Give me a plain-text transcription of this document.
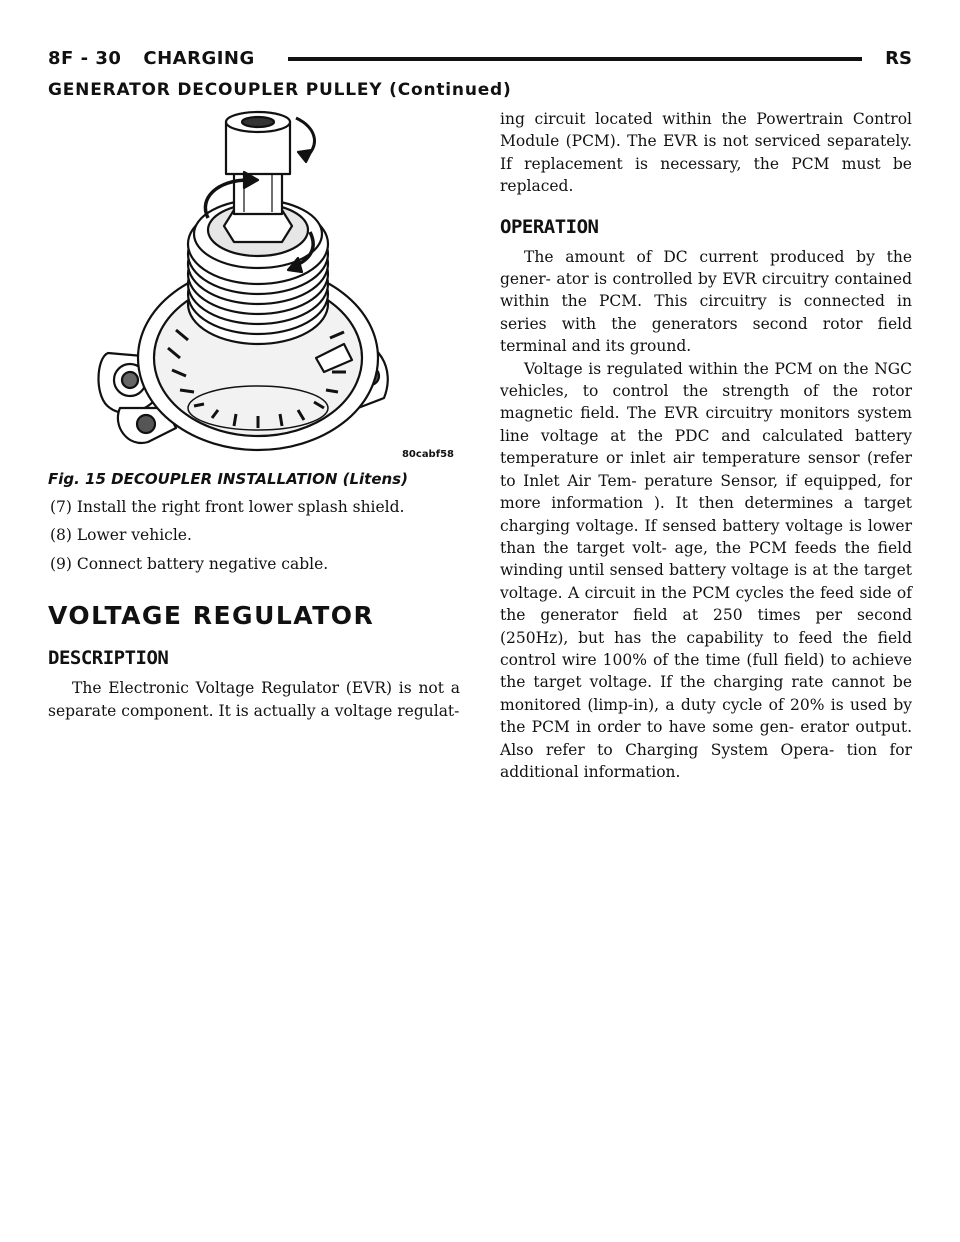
8F - 30 CHARGING	RS
GENERATOR DECOUPLER PULLEY (Continued)
80cabf58

Fig. 15 DECOUPLER INSTALLATION (Litens)

(7) Install the right front lower splash shield.

(8) Lower vehicle.

(9) Connect battery negative cable.

VOLTAGE REGULATOR
DESCRIPTION

The Electronic Voltage Regulator (EVR) is not a separate component. It is actually a voltage regulat-

ing circuit located within the Powertrain Control Module (PCM). The EVR is not serviced separately. If replacement is necessary, the PCM must be replaced.

OPERATION

The amount of DC current produced by the gener- ator is controlled by EVR circuitry contained within the PCM. This circuitry is connected in series with the generators second rotor field terminal and its ground.

Voltage is regulated within the PCM on the NGC vehicles, to control the strength of the rotor magnetic field. The EVR circuitry monitors system line voltage at the PDC and calculated battery temperature or inlet air temperature sensor (refer to Inlet Air Tem- perature Sensor, if equipped, for more information ). It then determines a target charging voltage. If sensed battery voltage is lower than the target volt- age, the PCM feeds the field winding until sensed battery voltage is at the target voltage. A circuit in the PCM cycles the feed side of the generator field at 250 times per second (250Hz), but has the capability to feed the field control wire 100% of the time (full field) to achieve the target voltage. If the charging rate cannot be monitored (limp-in), a duty cycle of 20% is used by the PCM in order to have some gen- erator output. Also refer to Charging System Opera- tion for additional information.
